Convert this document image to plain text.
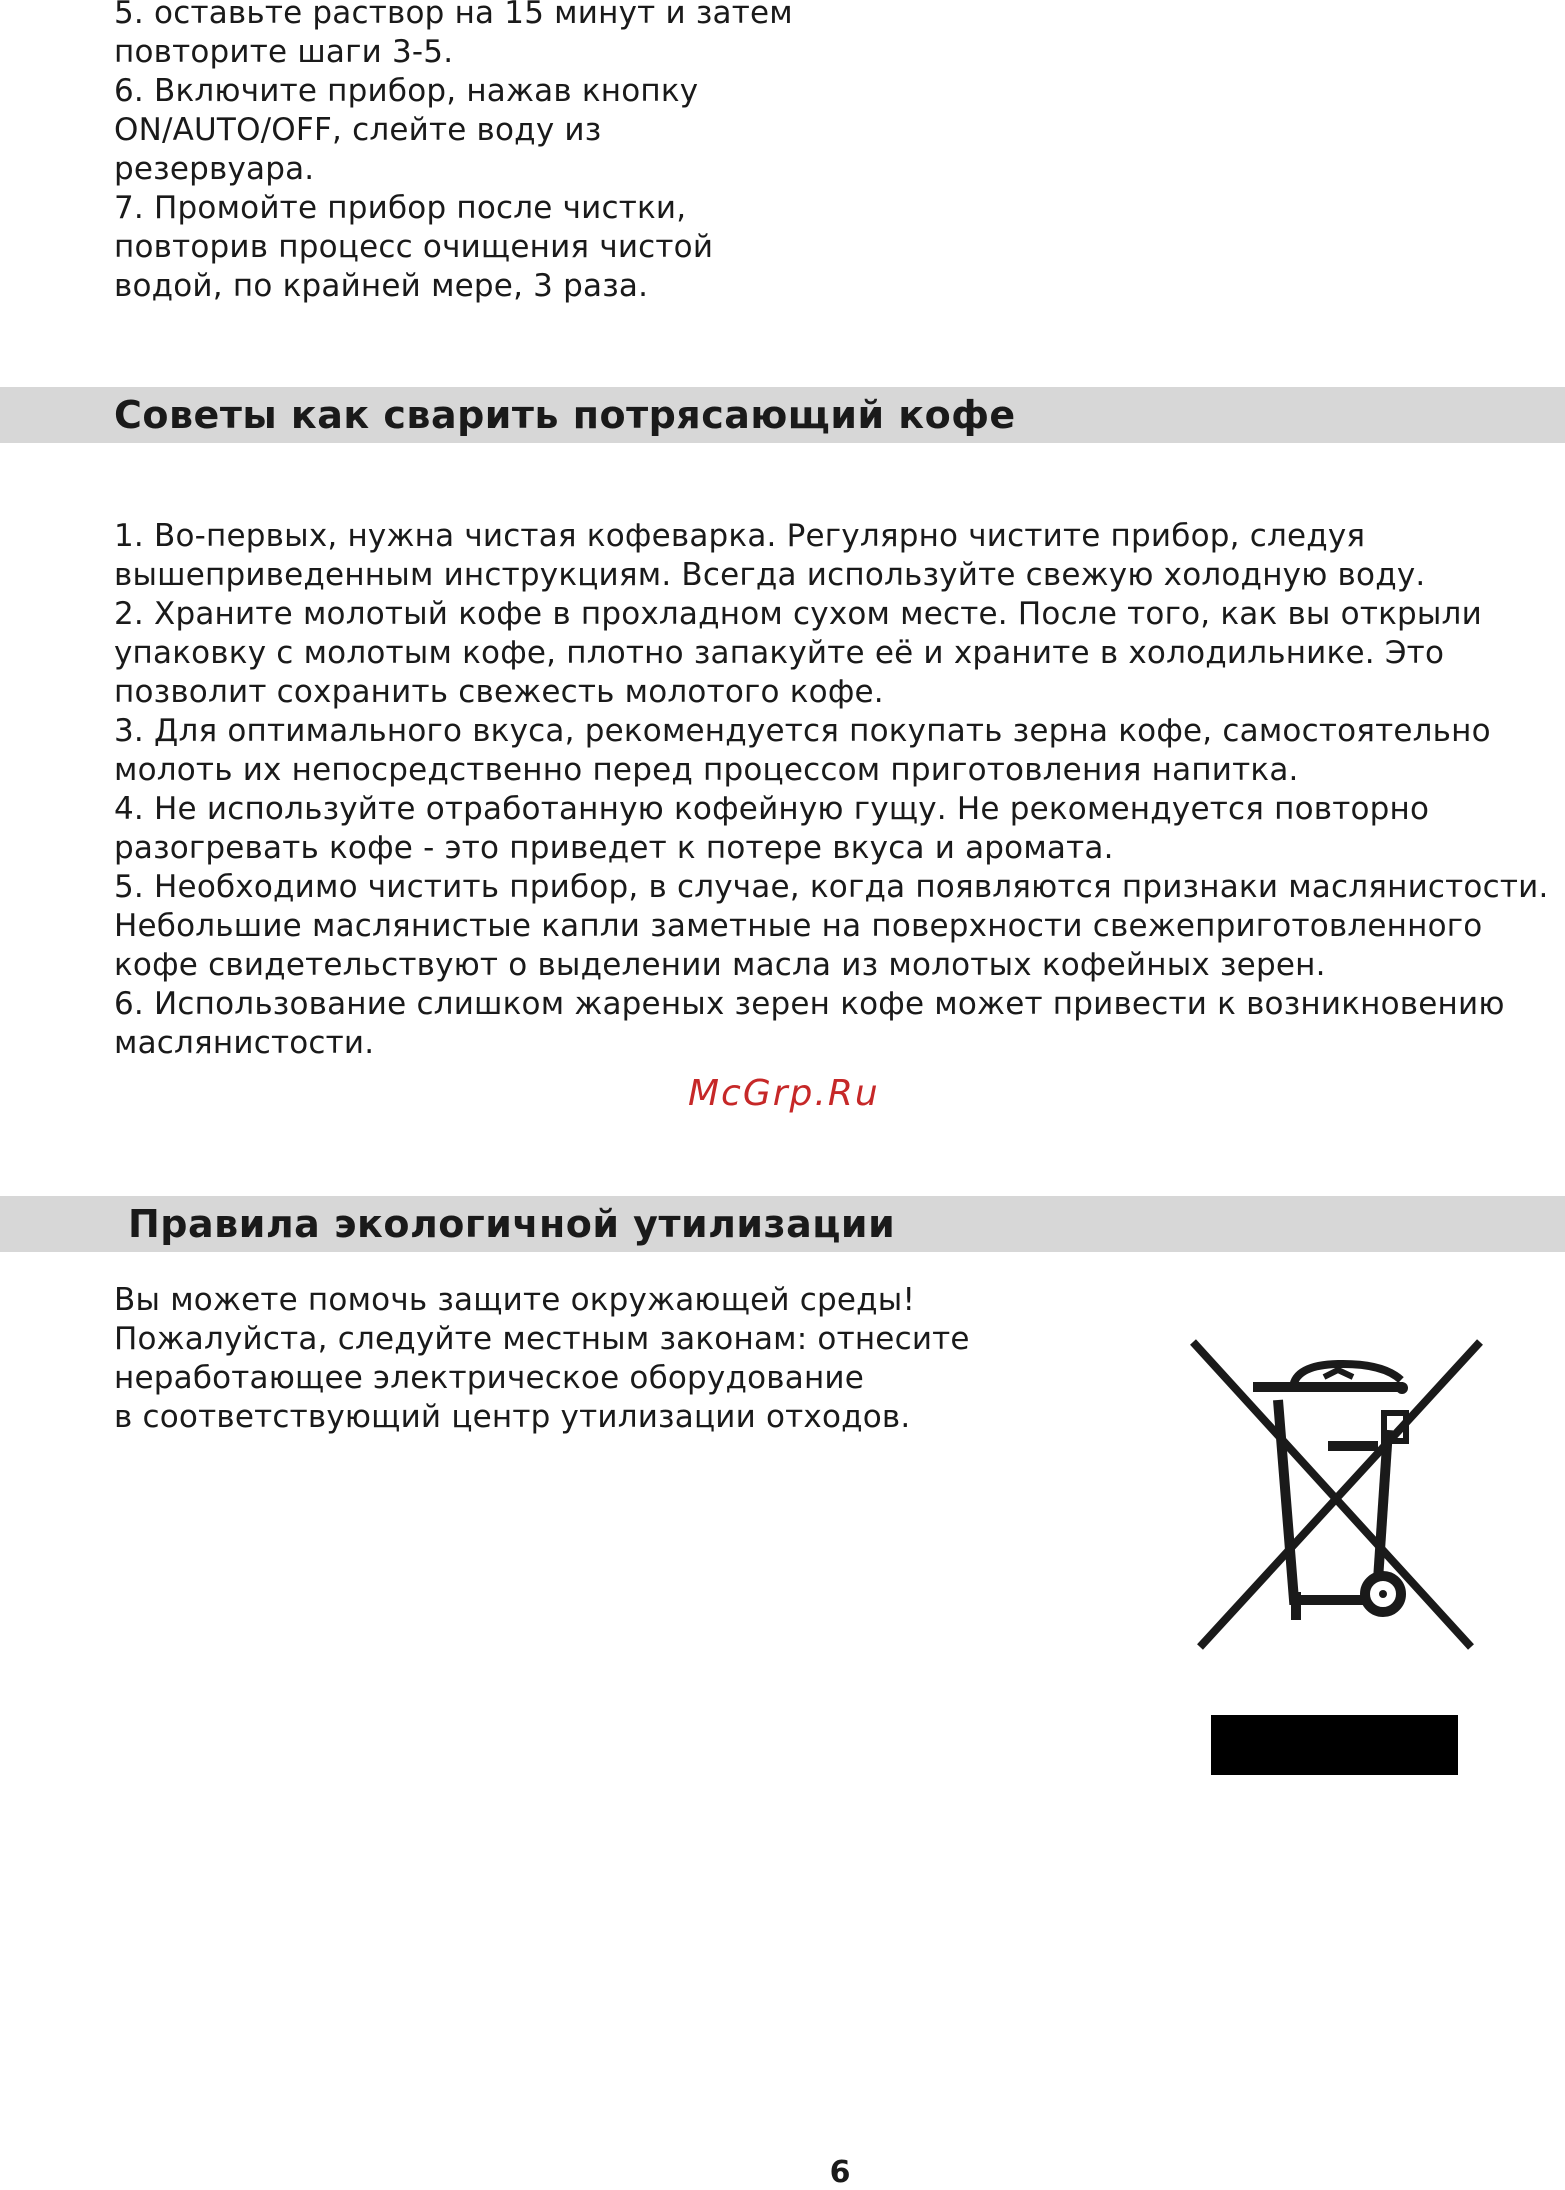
5. оставьте раствор на 15 минут и затем
повторите шаги 3-5.
6. Включите прибор, нажав кнопку
ON/AUTO/OFF, слейте воду из
резервуара.
7. Промойте прибор после чистки,
повторив процесс очищения чистой
водой, по крайней мере, 3 раза.
Советы как сварить потрясающий кофе
1. Во-первых, нужна чистая кофеварка. Регулярно чистите прибор, следуя
вышеприведенным инструкциям. Всегда используйте свежую холодную воду.
2. Храните молотый кофе в прохладном сухом месте. После того, как вы открыли
упаковку с молотым кофе, плотно запакуйте её и храните в холодильнике. Это
позволит сохранить свежесть молотого кофе.
3. Для оптимального вкуса, рекомендуется покупать зерна кофе, самостоятельно
молоть их непосредственно перед процессом приготовления напитка.
4. Не используйте отработанную кофейную гущу. Не рекомендуется повторно
разогревать кофе - это приведет к потере вкуса и аромата.
5. Необходимо чистить прибор, в случае, когда появляются признаки маслянистости.
Небольшие маслянистые капли заметные на поверхности свежеприготовленного
кофе свидетельствуют о выделении масла из молотых кофейных зерен.
6. Использование слишком жареных зерен кофе может привести к возникновению
маслянистости.
McGrp.Ru
Правила экологичной утилизации
Вы можете помочь защите окружающей среды!
Пожалуйста, следуйте местным законам: отнесите
неработающее электрическое оборудование
в соответствующий центр утилизации отходов.
6
